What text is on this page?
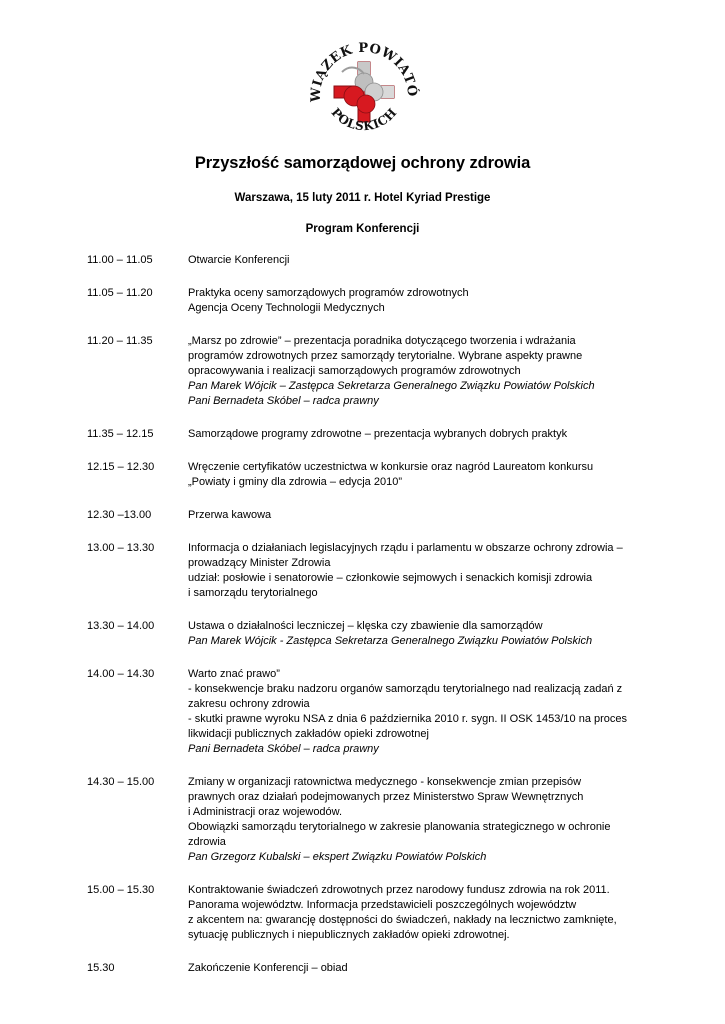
WIĄZEK POWIATÓ
POLSKICH
Przyszłość samorządowej ochrony zdrowia
Warszawa, 15 luty 2011 r. Hotel Kyriad Prestige
Program Konferencji
11.00 – 11.05	Otwarcie Konferencji
11.05 – 11.20	Praktyka oceny samorządowych programów zdrowotnych
Agencja Oceny Technologii Medycznych
11.20 – 11.35	„Marsz po zdrowie” – prezentacja poradnika dotyczącego tworzenia i wdrażania
programów zdrowotnych przez samorządy terytorialne. Wybrane aspekty prawne
opracowywania i realizacji samorządowych programów zdrowotnych
Pan Marek Wójcik – Zastępca Sekretarza Generalnego Związku Powiatów Polskich
Pani Bernadeta Skóbel – radca prawny
11.35 – 12.15	Samorządowe programy zdrowotne – prezentacja wybranych dobrych praktyk
12.15 – 12.30	Wręczenie certyfikatów uczestnictwa w konkursie oraz nagród Laureatom konkursu
„Powiaty i gminy dla zdrowia – edycja 2010”
12.30 –13.00	Przerwa kawowa
13.00 – 13.30	Informacja o działaniach legislacyjnych rządu i parlamentu w obszarze ochrony zdrowia –
prowadzący Minister Zdrowia
udział: posłowie i senatorowie – członkowie sejmowych i senackich komisji zdrowia
i samorządu terytorialnego
13.30 – 14.00	Ustawa o działalności leczniczej – klęska czy zbawienie dla samorządów
Pan Marek Wójcik - Zastępca Sekretarza Generalnego Związku Powiatów Polskich
14.00 – 14.30	Warto znać prawo”
- konsekwencje braku nadzoru organów samorządu terytorialnego nad realizacją zadań z
zakresu ochrony zdrowia
- skutki prawne wyroku NSA z dnia 6 października 2010 r. sygn. II OSK 1453/10 na proces
likwidacji publicznych zakładów opieki zdrowotnej
Pani Bernadeta Skóbel – radca prawny
14.30 – 15.00	Zmiany w organizacji ratownictwa medycznego - konsekwencje zmian przepisów
prawnych oraz działań podejmowanych przez Ministerstwo Spraw Wewnętrznych
i Administracji oraz wojewodów.
Obowiązki samorządu terytorialnego w zakresie planowania strategicznego w ochronie
zdrowia
Pan Grzegorz Kubalski – ekspert Związku Powiatów Polskich
15.00 – 15.30	Kontraktowanie świadczeń zdrowotnych przez narodowy fundusz zdrowia na rok 2011.
Panorama województw. Informacja przedstawicieli poszczególnych województw
z akcentem na: gwarancję dostępności do świadczeń, nakłady na lecznictwo zamknięte,
sytuację publicznych i niepublicznych zakładów opieki zdrowotnej.
15.30	Zakończenie Konferencji – obiad
